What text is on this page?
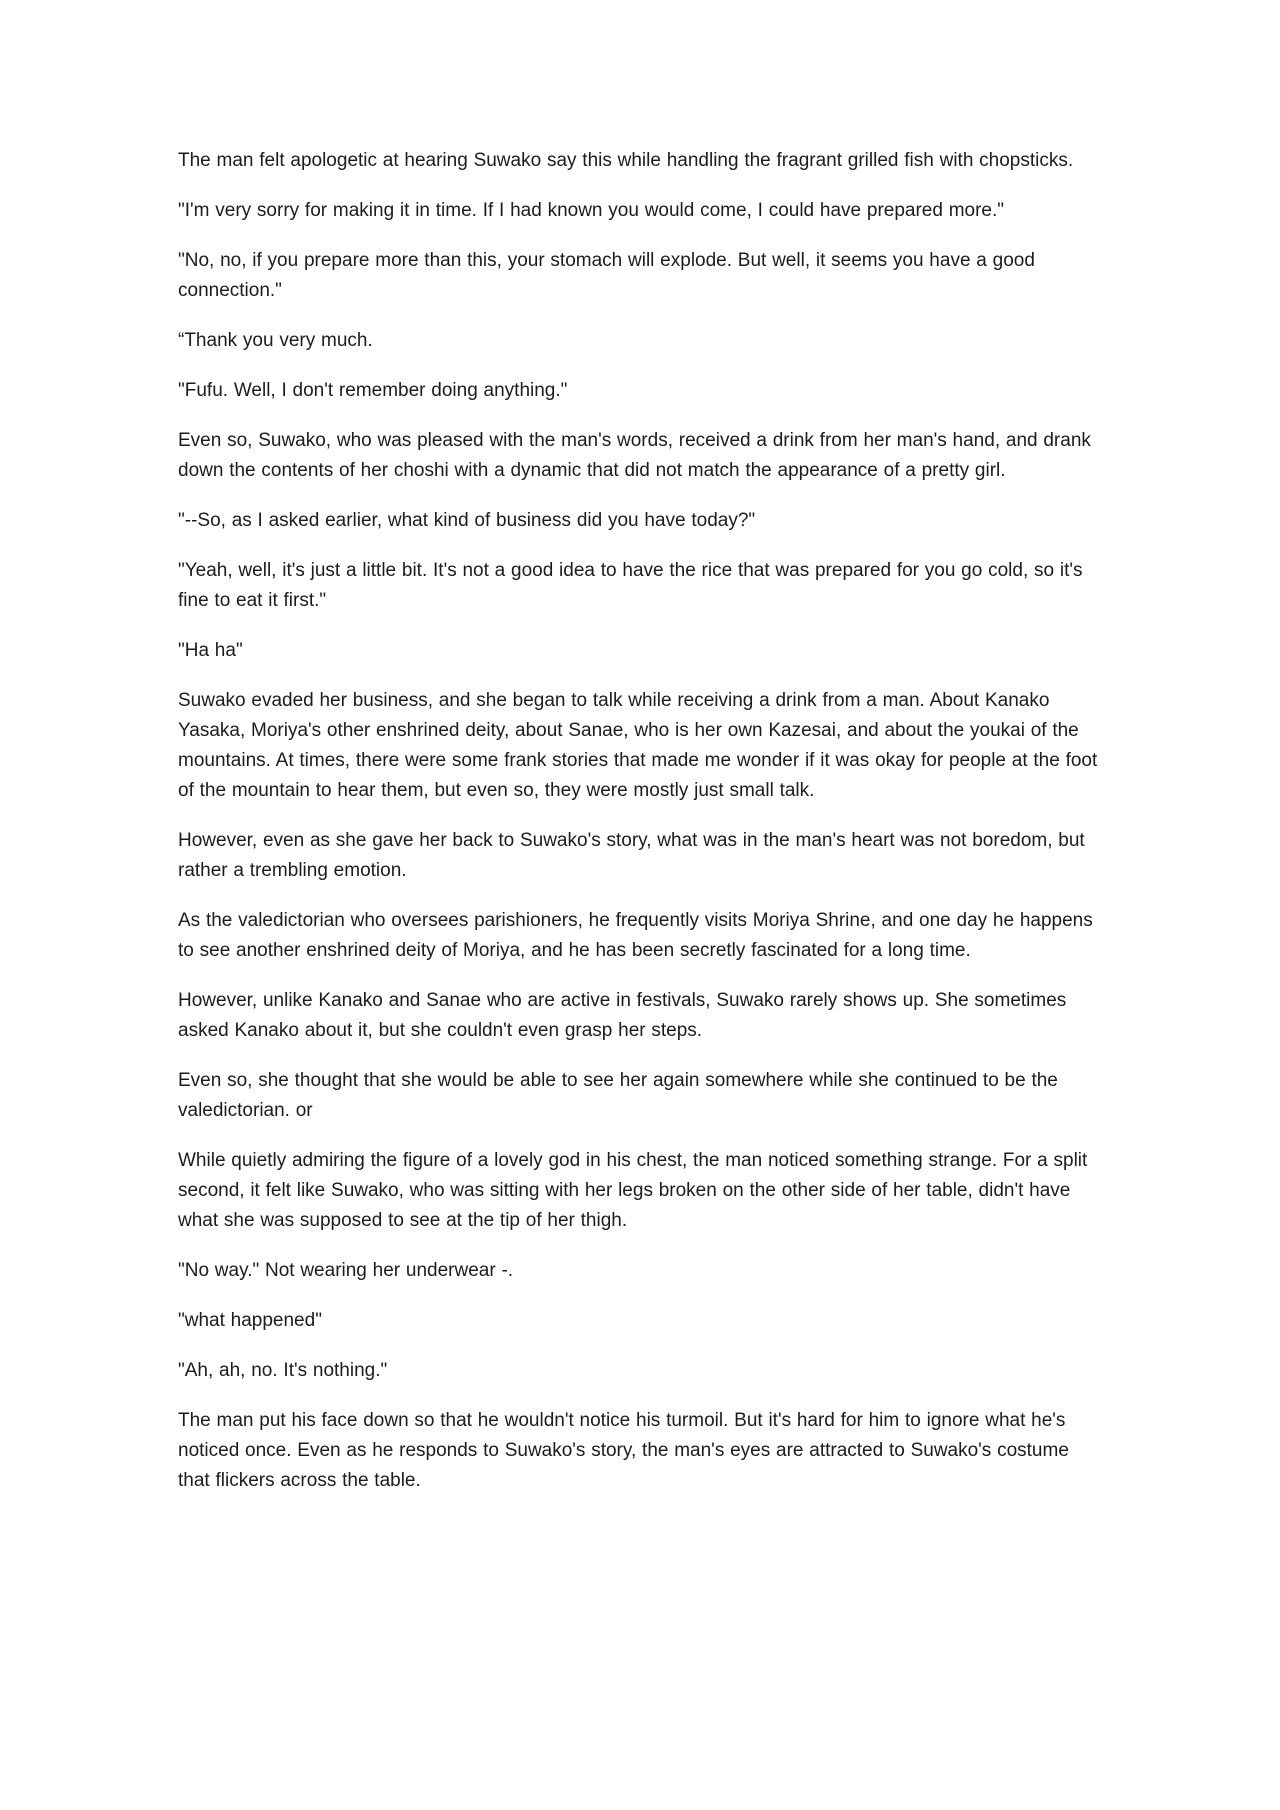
The man felt apologetic at hearing Suwako say this while handling the fragrant grilled fish with chopsticks.

"I'm very sorry for making it in time. If I had known you would come, I could have prepared more."

"No, no, if you prepare more than this, your stomach will explode. But well, it seems you have a good connection."

“Thank you very much.

"Fufu. Well, I don't remember doing anything."

Even so, Suwako, who was pleased with the man's words, received a drink from her man's hand, and drank down the contents of her choshi with a dynamic that did not match the appearance of a pretty girl.

"--So, as I asked earlier, what kind of business did you have today?"

"Yeah, well, it's just a little bit. It's not a good idea to have the rice that was prepared for you go cold, so it's fine to eat it first."

"Ha ha"

Suwako evaded her business, and she began to talk while receiving a drink from a man. About Kanako Yasaka, Moriya's other enshrined deity, about Sanae, who is her own Kazesai, and about the youkai of the mountains. At times, there were some frank stories that made me wonder if it was okay for people at the foot of the mountain to hear them, but even so, they were mostly just small talk.

However, even as she gave her back to Suwako's story, what was in the man's heart was not boredom, but rather a trembling emotion.

As the valedictorian who oversees parishioners, he frequently visits Moriya Shrine, and one day he happens to see another enshrined deity of Moriya, and he has been secretly fascinated for a long time.

However, unlike Kanako and Sanae who are active in festivals, Suwako rarely shows up. She sometimes asked Kanako about it, but she couldn't even grasp her steps.

Even so, she thought that she would be able to see her again somewhere while she continued to be the valedictorian. or

While quietly admiring the figure of a lovely god in his chest, the man noticed something strange. For a split second, it felt like Suwako, who was sitting with her legs broken on the other side of her table, didn't have what she was supposed to see at the tip of her thigh.

"No way." Not wearing her underwear -.

"what happened"

"Ah, ah, no. It's nothing."

The man put his face down so that he wouldn't notice his turmoil. But it's hard for him to ignore what he's noticed once. Even as he responds to Suwako's story, the man's eyes are attracted to Suwako's costume that flickers across the table.
